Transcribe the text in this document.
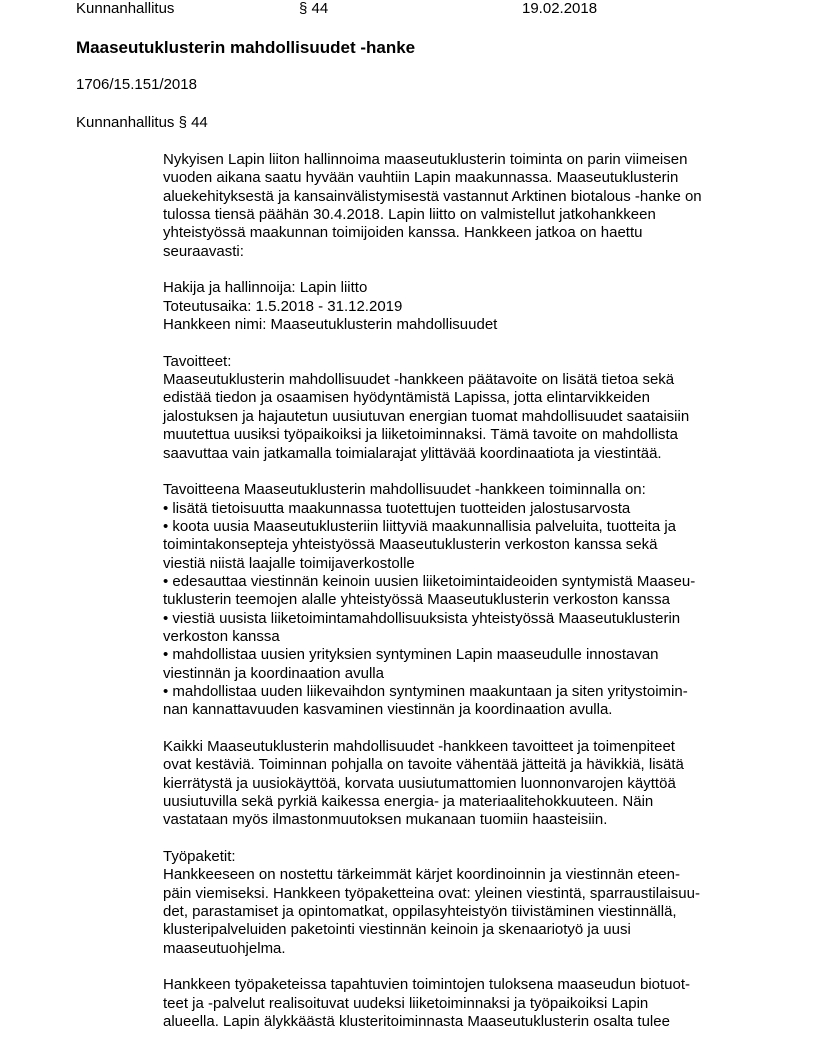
Kunnanhallitus	§ 44	19.02.2018
Maaseutuklusterin mahdollisuudet -hanke
1706/15.151/2018
Kunnanhallitus § 44
Nykyisen Lapin liiton hallinnoima maaseutuklusterin toiminta on parin viimeisen
vuoden aikana saatu hyvään vauhtiin Lapin maakunnassa. Maaseutuklusterin
aluekehityksestä ja kansainvälistymisestä vastannut Arktinen biotalous -hanke on
tulossa tiensä päähän 30.4.2018. Lapin liitto on valmistellut jatkohankkeen
yhteistyössä maakunnan toimijoiden kanssa. Hankkeen jatkoa on haettu
seuraavasti:
Hakija ja hallinnoija: Lapin liitto
Toteutusaika: 1.5.2018 - 31.12.2019
Hankkeen nimi: Maaseutuklusterin mahdollisuudet
Tavoitteet:
Maaseutuklusterin mahdollisuudet -hankkeen päätavoite on lisätä tietoa sekä
edistää tiedon ja osaamisen hyödyntämistä Lapissa, jotta elintarvikkeiden
jalostuksen ja hajautetun uusiutuvan energian tuomat mahdollisuudet saataisiin
muutettua uusiksi työpaikoiksi ja liiketoiminnaksi. Tämä tavoite on mahdollista
saavuttaa vain jatkamalla toimialarajat ylittävää koordinaatiota ja viestintää.
Tavoitteena Maaseutuklusterin mahdollisuudet -hankkeen toiminnalla on:
• lisätä tietoisuutta maakunnassa tuotettujen tuotteiden jalostusarvosta
• koota uusia Maaseutuklusteriin liittyviä maakunnallisia palveluita, tuotteita ja
toimintakonsepteja yhteistyössä Maaseutuklusterin verkoston kanssa sekä
viestiä niistä laajalle toimijaverkostolle
• edesauttaa viestinnän keinoin uusien liiketoimintaideoiden syntymistä Maaseu-
tuklusterin teemojen alalle yhteistyössä Maaseutuklusterin verkoston kanssa
• viestiä uusista liiketoimintamahdollisuuksista yhteistyössä Maaseutuklusterin
verkoston kanssa
• mahdollistaa uusien yrityksien syntyminen Lapin maaseudulle innostavan
viestinnän ja koordinaation avulla
• mahdollistaa uuden liikevaihdon syntyminen maakuntaan ja siten yritystoimin-
nan kannattavuuden kasvaminen viestinnän ja koordinaation avulla.
Kaikki Maaseutuklusterin mahdollisuudet -hankkeen tavoitteet ja toimenpiteet
ovat kestäviä. Toiminnan pohjalla on tavoite vähentää jätteitä ja hävikkiä, lisätä
kierrätystä ja uusiokäyttöä, korvata uusiutumattomien luonnonvarojen käyttöä
uusiutuvilla sekä pyrkiä kaikessa energia- ja materiaalitehokkuuteen. Näin
vastataan myös ilmastonmuutoksen mukanaan tuomiin haasteisiin.
Työpaketit:
Hankkeeseen on nostettu tärkeimmät kärjet koordinoinnin ja viestinnän eteen-
päin viemiseksi. Hankkeen työpaketteina ovat: yleinen viestintä, sparraustilaisuu-
det, parastamiset ja opintomatkat, oppilasyhteistyön tiivistäminen viestinnällä,
klusteripalveluiden paketointi viestinnän keinoin ja skenaariotyö ja uusi
maaseutuohjelma.
Hankkeen työpaketeissa tapahtuvien toimintojen tuloksena maaseudun biotuot-
teet ja -palvelut realisoituvat uudeksi liiketoiminnaksi ja työpaikoiksi Lapin
alueella. Lapin älykkäästä klusteritoiminnasta Maaseutuklusterin osalta tulee
